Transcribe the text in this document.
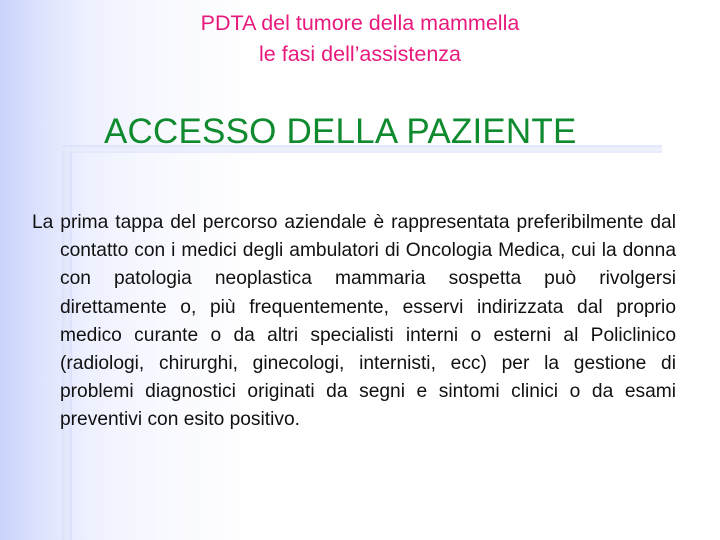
PDTA del tumore della mammella
le fasi dell’assistenza
ACCESSO DELLA PAZIENTE
La prima tappa del percorso aziendale è rappresentata preferibilmente dal contatto con i medici degli ambulatori di Oncologia Medica, cui la donna con patologia neoplastica mammaria sospetta può rivolgersi direttamente o, più frequentemente, esservi indirizzata dal proprio medico curante o da altri specialisti interni o esterni al Policlinico (radiologi, chirurghi, ginecologi, internisti, ecc) per la gestione di problemi diagnostici originati da segni e sintomi clinici o da esami preventivi con esito positivo.
